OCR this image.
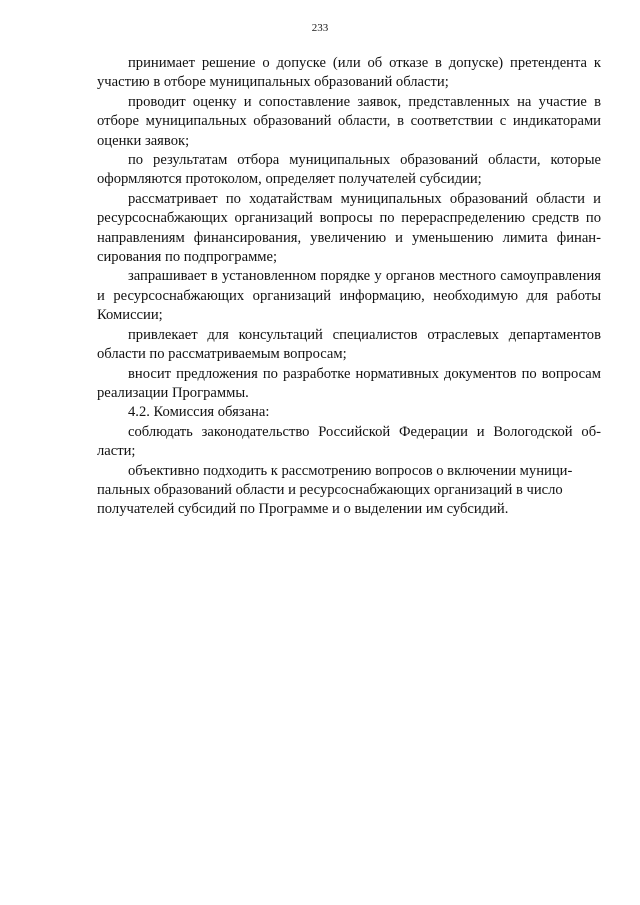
233

принимает решение о допуске (или об отказе в допуске) претендента к участию в отборе муниципальных образований области;

проводит оценку и сопоставление заявок, представленных на участие в отборе муниципальных образований области, в соответствии с индикаторами оценки заявок;

по результатам отбора муниципальных образований области, которые оформляются протоколом, определяет получателей субсидии;

рассматривает по ходатайствам муниципальных образований области и ресурсоснабжающих организаций вопросы по перераспределению средств по направлениям финансирования, увеличению и уменьшению лимита финансирования по подпрограмме;

запрашивает в установленном порядке у органов местного самоуправления и ресурсоснабжающих организаций информацию, необходимую для работы Комиссии;

привлекает для консультаций специалистов отраслевых департаментов области по рассматриваемым вопросам;

вносит предложения по разработке нормативных документов по вопросам реализации Программы.

4.2. Комиссия обязана:

соблюдать законодательство Российской Федерации и Вологодской области;

объективно подходить к рассмотрению вопросов о включении муниципальных образований области и ресурсоснабжающих организаций в число получателей субсидий по Программе и о выделении им субсидий.
